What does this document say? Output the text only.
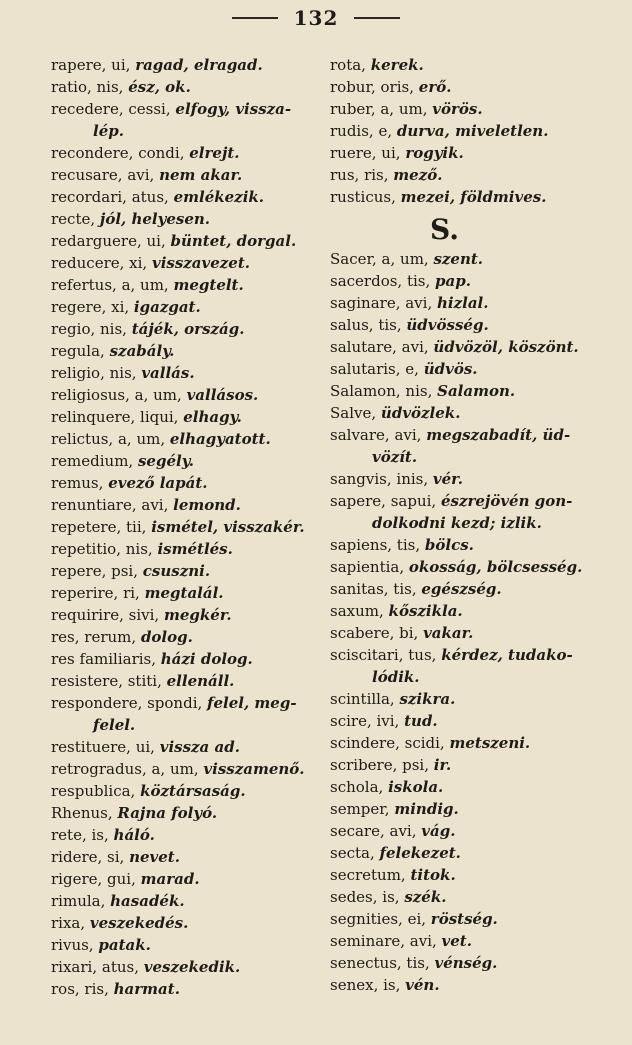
132
rapere, ui, ragad, elragad.
ratio, nis, ész, ok.
recedere, cessi, elfogy, vissza-
lép.
recondere, condi, elrejt.
recusare, avi, nem akar.
recordari, atus, emlékezik.
recte, jól, helyesen.
redarguere, ui, büntet, dorgal.
reducere, xi, visszavezet.
refertus, a, um, megtelt.
regere, xi, igazgat.
regio, nis, tájék, ország.
regula, szabály.
religio, nis, vallás.
religiosus, a, um, vallásos.
relinquere, liqui, elhagy.
relictus, a, um, elhagyatott.
remedium, segély.
remus, evező lapát.
renuntiare, avi, lemond.
repetere, tii, ismétel, visszakér.
repetitio, nis, ismétlés.
repere, psi, csuszni.
reperire, ri, megtalál.
requirire, sivi, megkér.
res, rerum, dolog.
res familiaris, házi dolog.
resistere, stiti, ellenáll.
respondere, spondi, felel, meg-
felel.
restituere, ui, vissza ad.
retrogradus, a, um, visszamenő.
respublica, köztársaság.
Rhenus, Rajna folyó.
rete, is, háló.
ridere, si, nevet.
rigere, gui, marad.
rimula, hasadék.
rixa, veszekedés.
rivus, patak.
rixari, atus, veszekedik.
ros, ris, harmat.
rota, kerek.
robur, oris, erő.
ruber, a, um, vörös.
rudis, e, durva, miveletlen.
ruere, ui, rogyik.
rus, ris, mező.
rusticus, mezei, földmives.
S.
Sacer, a, um, szent.
sacerdos, tis, pap.
saginare, avi, hizlal.
salus, tis, üdvösség.
salutare, avi, üdvözöl, köszönt.
salutaris, e, üdvös.
Salamon, nis, Salamon.
Salve, üdvözlek.
salvare, avi, megszabadít, üd-
vözít.
sangvis, inis, vér.
sapere, sapui, észrejövén gon-
dolkodni kezd; izlik.
sapiens, tis, bölcs.
sapientia, okosság, bölcsesség.
sanitas, tis, egészség.
saxum, kőszikla.
scabere, bi, vakar.
sciscitari, tus, kérdez, tudako-
lódik.
scintilla, szikra.
scire, ivi, tud.
scindere, scidi, metszeni.
scribere, psi, ir.
schola, iskola.
semper, mindig.
secare, avi, vág.
secta, felekezet.
secretum, titok.
sedes, is, szék.
segnities, ei, röstség.
seminare, avi, vet.
senectus, tis, vénség.
senex, is, vén.
